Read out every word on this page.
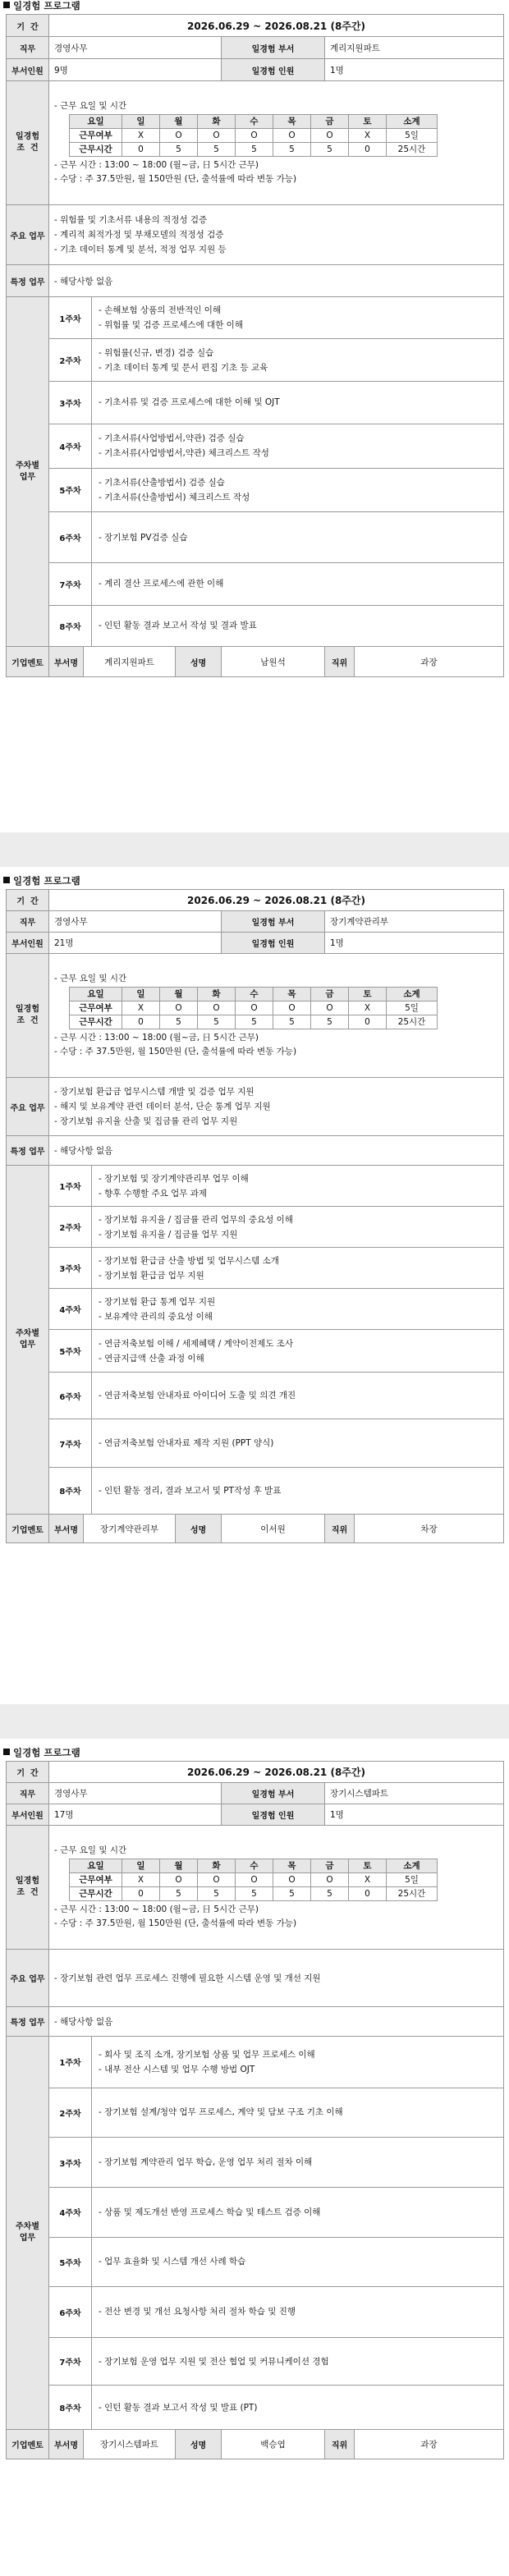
일경험 프로그램
기  간	2026.06.29 ~ 2026.08.21 (8주간)
직무	경영사무	일경험 부서	계리지원파트
부서인원	9명	일경험 인원	1명

일경험
조  건

- 근무 요일 및 시간
요일	일	월	화	수	목	금	토	소계
근무여부	X	O	O	O	O	O	X	5일
근무시간	0	5	5	5	5	5	0	25시간
- 근무 시간 : 13:00 ~ 18:00 (월~금, 日 5시간 근무)
- 수당 : 주 37.5만원, 월 150만원 (단, 출석률에 따라 변동 가능)

주요 업무	
- 위험률 및 기초서류 내용의 적정성 검증
- 계리적 최적가정 및 부채모델의 적정성 검증
- 기초 데이터 통계 및 분석, 적정 업무 지원 등

특정 업무	- 해당사항 없음

주차별
업무

1주차	
- 손해보험 상품의 전반적인 이해
- 위험률 및 검증 프로세스에 대한 이해

2주차	
- 위험률(신규, 변경) 검증 실습
- 기초 데이터 통계 및 문서 편집 기초 등 교육

3주차	- 기초서류 및 검증 프로세스에 대한 이해 및 OJT

4주차	
- 기초서류(사업방법서,약관) 검증 실습
- 기초서류(사업방법서,약관) 체크리스트 작성

5주차	
- 기초서류(산출방법서) 검증 실습
- 기초서류(산출방법서) 체크리스트 작성

6주차	- 장기보험 PV검증 실습

7주차	- 계리 결산 프로세스에 관한 이해

8주차	- 인턴 활동 결과 보고서 작성 및 결과 발표

기업멘토	부서명	계리지원파트	성명	남원석	직위	과장
일경험 프로그램
기  간	2026.06.29 ~ 2026.08.21 (8주간)
직무	경영사무	일경험 부서	장기계약관리부
부서인원	21명	일경험 인원	1명

일경험
조  건

- 근무 요일 및 시간
요일	일	월	화	수	목	금	토	소계
근무여부	X	O	O	O	O	O	X	5일
근무시간	0	5	5	5	5	5	0	25시간
- 근무 시간 : 13:00 ~ 18:00 (월~금, 日 5시간 근무)
- 수당 : 주 37.5만원, 월 150만원 (단, 출석률에 따라 변동 가능)

주요 업무	
- 장기보험 환급금 업무시스템 개발 및 검증 업무 지원
- 해지 및 보유계약 관련 데이터 분석, 단순 통계 업무 지원
- 장기보험 유지율 산출 및 집금률 관리 업무 지원

특정 업무	- 해당사항 없음

주차별
업무

1주차	
- 장기보험 및 장기계약관리부 업무 이해
- 향후 수행할 주요 업무 과제

2주차	
- 장기보험 유지율 / 집금률 관리 업무의 중요성 이해
- 장기보험 유지율 / 집금률 업무 지원

3주차	
- 장기보험 환급금 산출 방법 및 업무시스템 소개
- 장기보험 환급금 업무 지원

4주차	
- 장기보험 환급 통계 업무 지원
- 보유계약 관리의 중요성 이해

5주차	
- 연금저축보험 이해 / 세제혜택 / 계약이전제도 조사
- 연금지급액 산출 과정 이해

6주차	- 연금저축보험 안내자료 아이디어 도출 및 의견 개진

7주차	- 연금저축보험 안내자료 제작 지원 (PPT 양식)

8주차	- 인턴 활동 정리, 결과 보고서 및 PT작성 후 발표

기업멘토	부서명	장기계약관리부	성명	이서원	직위	차장
일경험 프로그램
기  간	2026.06.29 ~ 2026.08.21 (8주간)
직무	경영사무	일경험 부서	장기시스템파트
부서인원	17명	일경험 인원	1명

일경험
조  건

- 근무 요일 및 시간
요일	일	월	화	수	목	금	토	소계
근무여부	X	O	O	O	O	O	X	5일
근무시간	0	5	5	5	5	5	0	25시간
- 근무 시간 : 13:00 ~ 18:00 (월~금, 日 5시간 근무)
- 수당 : 주 37.5만원, 월 150만원 (단, 출석률에 따라 변동 가능)

주요 업무	- 장기보험 관련 업무 프로세스 진행에 필요한 시스템 운영 및 개선 지원

특정 업무	- 해당사항 없음

주차별
업무

1주차	
- 회사 및 조직 소개, 장기보험 상품 및 업무 프로세스 이해
- 내부 전산 시스템 및 업무 수행 방법 OJT

2주차	- 장기보험 설계/청약 업무 프로세스, 계약 및 담보 구조 기초 이해

3주차	- 장기보험 계약관리 업무 학습, 운영 업무 처리 절차 이해

4주차	- 상품 및 제도개선 반영 프로세스 학습 및 테스트 검증 이해

5주차	- 업무 효율화 및 시스템 개선 사례 학습

6주차	- 전산 변경 및 개선 요청사항 처리 절차 학습 및 진행

7주차	- 장기보험 운영 업무 지원 및 전산 협업 및 커뮤니케이션 경험

8주차	- 인턴 활동 결과 보고서 작성 및 발표 (PT)

기업멘토	부서명	장기시스템파트	성명	백승엽	직위	과장
